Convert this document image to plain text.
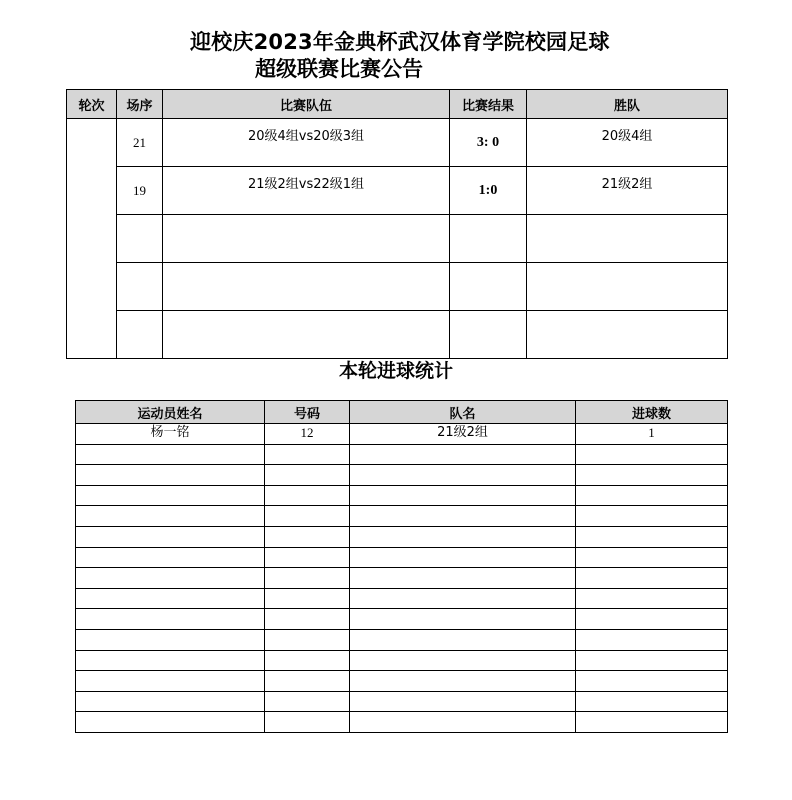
迎校庆2023年金典杯武汉体育学院校园足球
超级联赛比赛公告
轮次	场序	比赛队伍	比赛结果	胜队
	21	20级4组vs20级3组	3: 0	20级4组
	19	21级2组vs22级1组	1:0	21级2组

本轮进球统计
运动员姓名	号码	队名	进球数
杨一铭	12	21级2组	1
